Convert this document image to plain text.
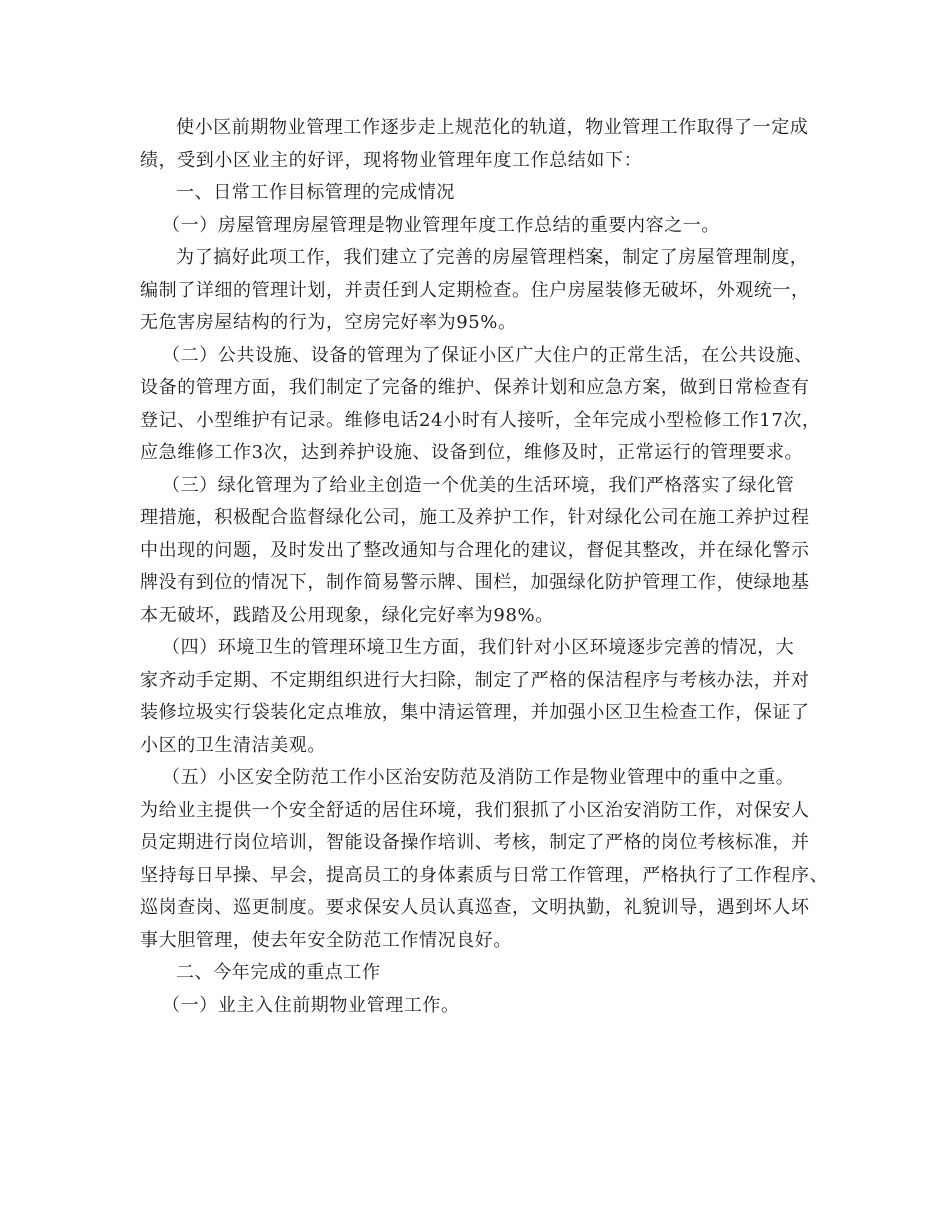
使小区前期物业管理工作逐步走上规范化的轨道，物业管理工作取得了一定成
绩，受到小区业主的好评，现将物业管理年度工作总结如下：
一、日常工作目标管理的完成情况
（一）房屋管理房屋管理是物业管理年度工作总结的重要内容之一。
为了搞好此项工作，我们建立了完善的房屋管理档案，制定了房屋管理制度，
编制了详细的管理计划，并责任到人定期检查。住户房屋装修无破坏，外观统一，
无危害房屋结构的行为，空房完好率为95%。
（二）公共设施、设备的管理为了保证小区广大住户的正常生活，在公共设施、
设备的管理方面，我们制定了完备的维护、保养计划和应急方案，做到日常检查有
登记、小型维护有记录。维修电话24小时有人接听，全年完成小型检修工作17次，
应急维修工作3次，达到养护设施、设备到位，维修及时，正常运行的管理要求。
（三）绿化管理为了给业主创造一个优美的生活环境，我们严格落实了绿化管
理措施，积极配合监督绿化公司，施工及养护工作，针对绿化公司在施工养护过程
中出现的问题，及时发出了整改通知与合理化的建议，督促其整改，并在绿化警示
牌没有到位的情况下，制作简易警示牌、围栏，加强绿化防护管理工作，使绿地基
本无破坏，践踏及公用现象，绿化完好率为98%。
（四）环境卫生的管理环境卫生方面，我们针对小区环境逐步完善的情况，大
家齐动手定期、不定期组织进行大扫除，制定了严格的保洁程序与考核办法，并对
装修垃圾实行袋装化定点堆放，集中清运管理，并加强小区卫生检查工作，保证了
小区的卫生清洁美观。
（五）小区安全防范工作小区治安防范及消防工作是物业管理中的重中之重。
为给业主提供一个安全舒适的居住环境，我们狠抓了小区治安消防工作，对保安人
员定期进行岗位培训，智能设备操作培训、考核，制定了严格的岗位考核标准，并
坚持每日早操、早会，提高员工的身体素质与日常工作管理，严格执行了工作程序、
巡岗查岗、巡更制度。要求保安人员认真巡查，文明执勤，礼貌训导，遇到坏人坏
事大胆管理，使去年安全防范工作情况良好。
二、今年完成的重点工作
（一）业主入住前期物业管理工作。
